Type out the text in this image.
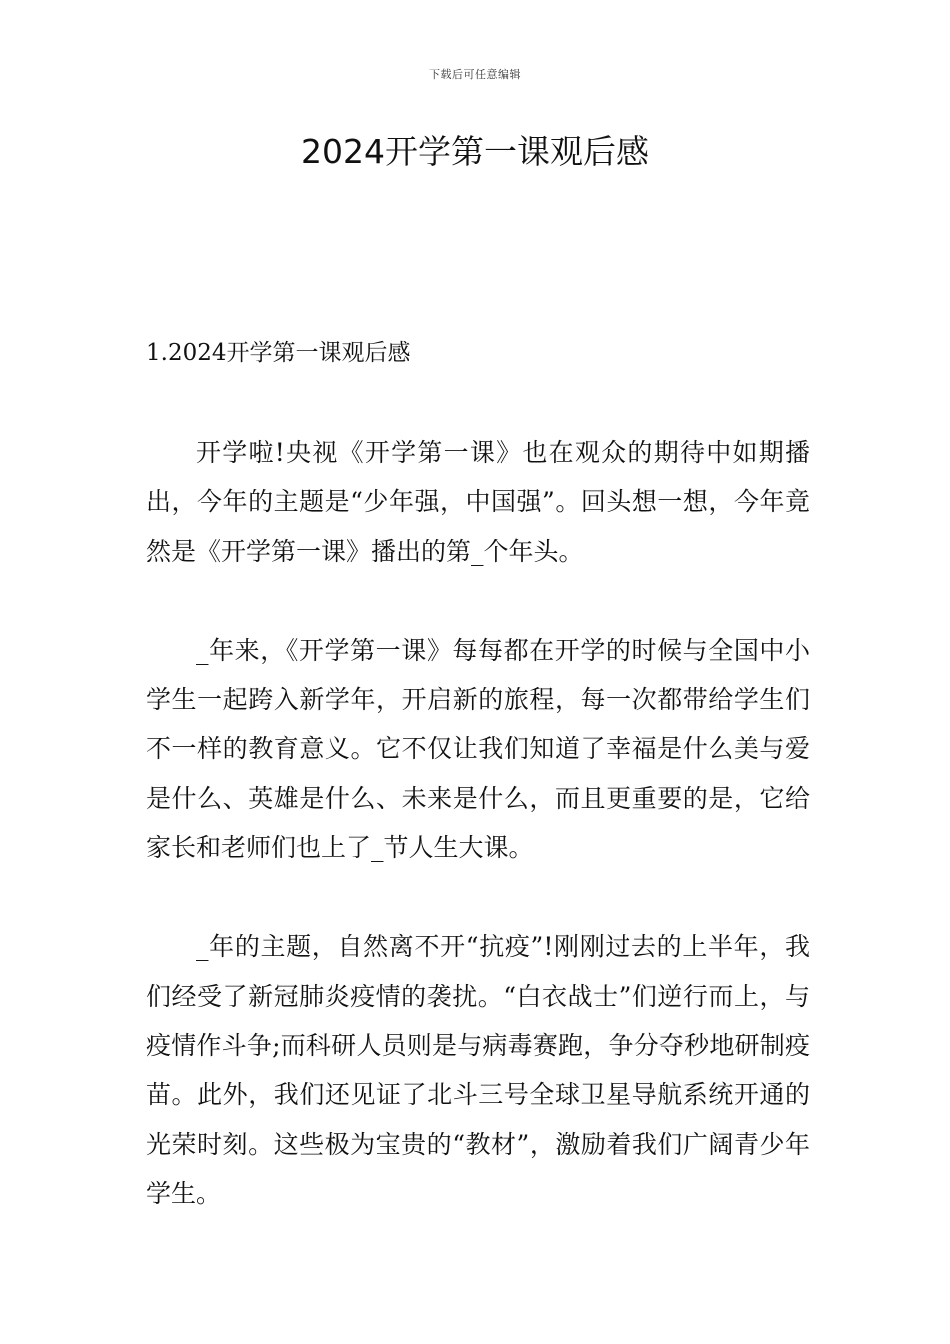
下载后可任意编辑
2024开学第一课观后感
1.2024开学第一课观后感

开学啦!央视《开学第一课》也在观众的期待中如期播出，今年的主题是“少年强，中国强”。回头想一想，今年竟然是《开学第一课》播出的第_个年头。

_年来，《开学第一课》每每都在开学的时候与全国中小学生一起跨入新学年，开启新的旅程，每一次都带给学生们不一样的教育意义。它不仅让我们知道了幸福是什么美与爱是什么、英雄是什么、未来是什么，而且更重要的是，它给家长和老师们也上了_节人生大课。

_年的主题，自然离不开“抗疫”!刚刚过去的上半年，我们经受了新冠肺炎疫情的袭扰。“白衣战士”们逆行而上，与疫情作斗争;而科研人员则是与病毒赛跑，争分夺秒地研制疫苗。此外，我们还见证了北斗三号全球卫星导航系统开通的光荣时刻。这些极为宝贵的“教材”，激励着我们广阔青少年学生。
